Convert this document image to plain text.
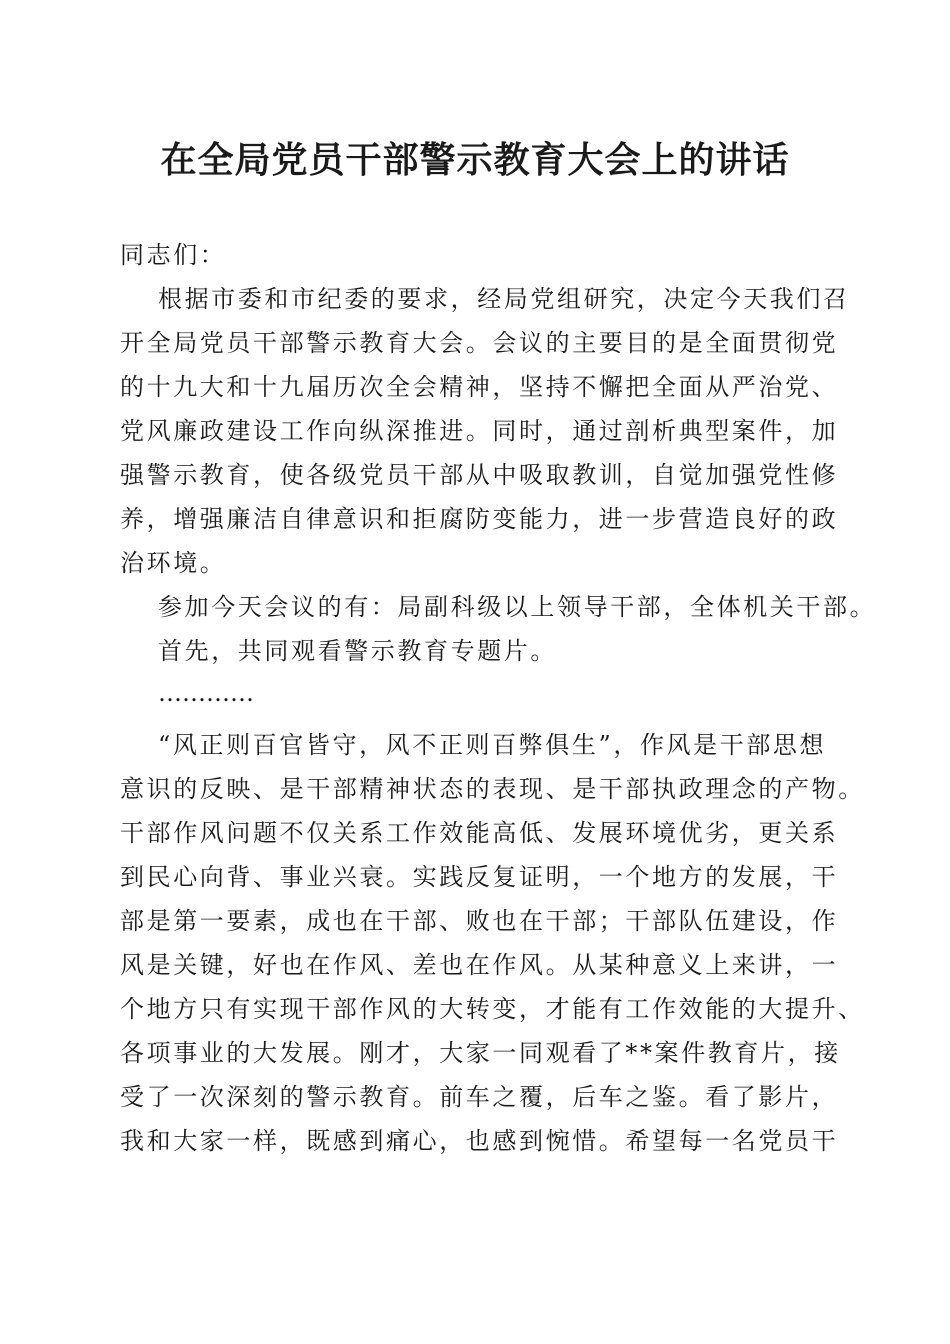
在全局党员干部警示教育大会上的讲话
同志们：
根据市委和市纪委的要求，经局党组研究，决定今天我们召
开全局党员干部警示教育大会。会议的主要目的是全面贯彻党
的十九大和十九届历次全会精神，坚持不懈把全面从严治党、
党风廉政建设工作向纵深推进。同时，通过剖析典型案件，加
强警示教育，使各级党员干部从中吸取教训，自觉加强党性修
养，增强廉洁自律意识和拒腐防变能力，进一步营造良好的政
治环境。
参加今天会议的有：局副科级以上领导干部，全体机关干部。
首先，共同观看警示教育专题片。
…………
“风正则百官皆守，风不正则百弊俱生”，作风是干部思想
意识的反映、是干部精神状态的表现、是干部执政理念的产物。
干部作风问题不仅关系工作效能高低、发展环境优劣，更关系
到民心向背、事业兴衰。实践反复证明，一个地方的发展，干
部是第一要素，成也在干部、败也在干部；干部队伍建设，作
风是关键，好也在作风、差也在作风。从某种意义上来讲，一
个地方只有实现干部作风的大转变，才能有工作效能的大提升、
各项事业的大发展。刚才，大家一同观看了**案件教育片，接
受了一次深刻的警示教育。前车之覆，后车之鉴。看了影片，
我和大家一样，既感到痛心，也感到惋惜。希望每一名党员干
